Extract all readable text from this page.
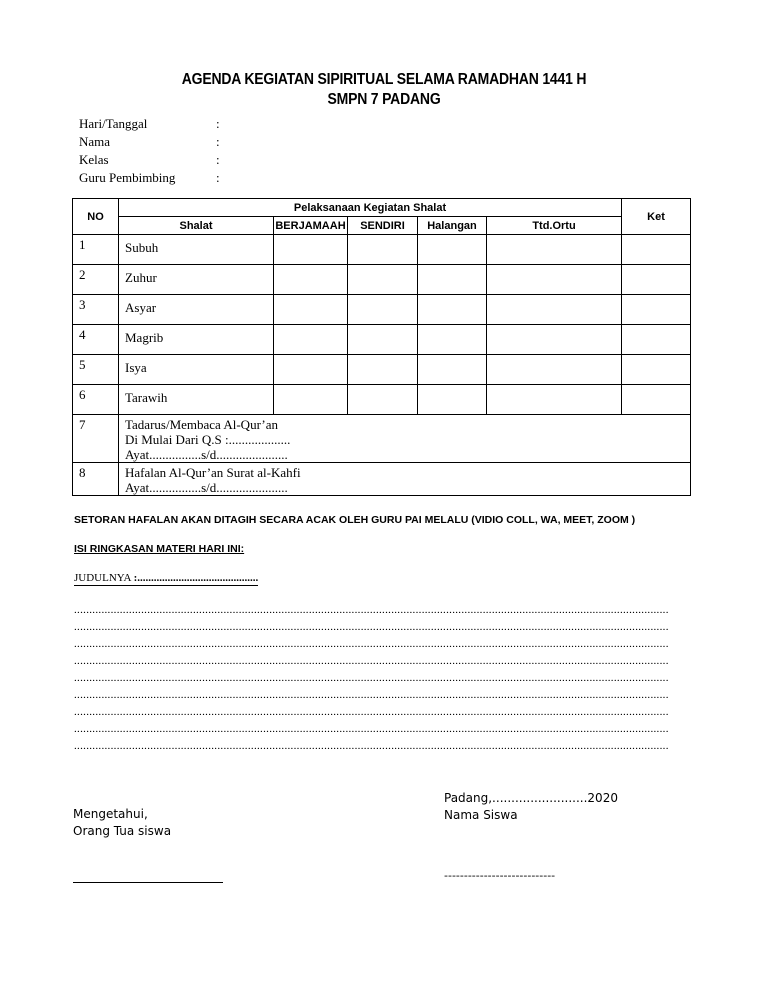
AGENDA KEGIATAN SIPIRITUAL SELAMA RAMADHAN 1441 H
SMPN 7 PADANG
Hari/Tanggal	:
Nama	:
Kelas	:
Guru Pembimbing	:
NO	Pelaksanaan Kegiatan Shalat					Ket
	Shalat	BERJAMAAH	SENDIRI	Halangan	Ttd.Ortu	
1	Subuh					
2	Zuhur					
3	Asyar					
4	Magrib					
5	Isya					
6	Tarawih					
7	Tadarus/Membaca Al-Qur’an
Di Mulai Dari Q.S :...................
Ayat................s/d......................					

8	Hafalan Al-Qur’an Surat al-Kahfi
Ayat................s/d......................					
SETORAN HAFALAN AKAN DITAGIH SECARA ACAK OLEH GURU PAI MELALU (VIDIO COLL, WA, MEET, ZOOM )
ISI RINGKASAN MATERI HARI INI:
JUDULNYA :............................................
...................................................................................................................................................................................................
...................................................................................................................................................................................................
...................................................................................................................................................................................................
...................................................................................................................................................................................................
...................................................................................................................................................................................................
...................................................................................................................................................................................................
...................................................................................................................................................................................................
...................................................................................................................................................................................................
...................................................................................................................................................................................................
Padang,.........................2020
Nama Siswa
Mengetahui,
Orang Tua siswa
----------------------------
